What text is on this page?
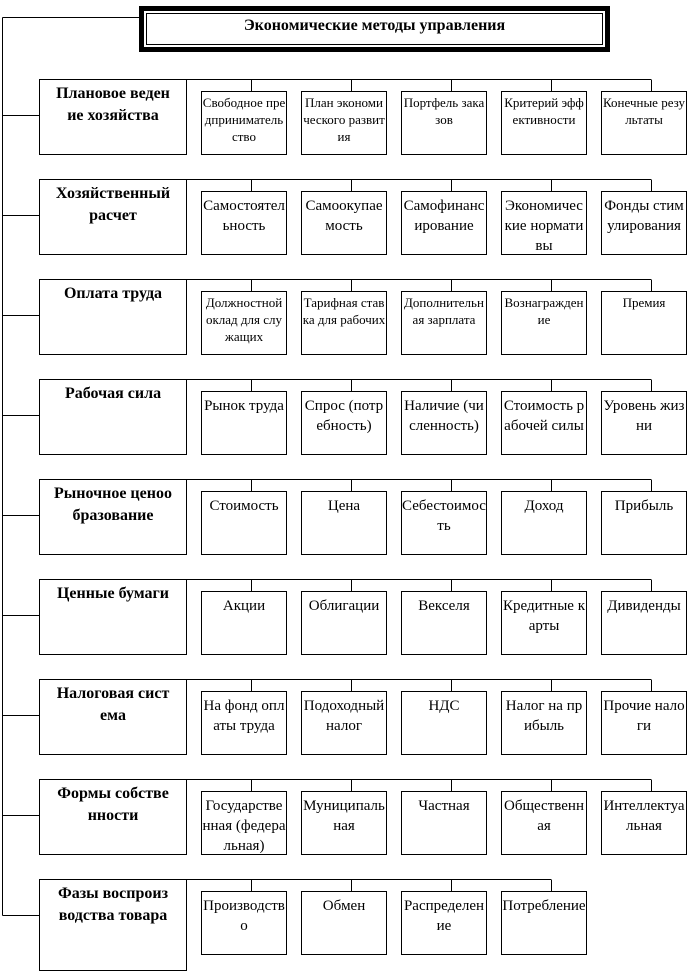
Экономические методы управления
Плановое ведение хозяйства
Свободное предпринимательство
План экономического развития
Портфель заказов
Критерий эффективности
Конечные результаты
Хозяйственный расчет
Самостоятельность
Самоокупаемость
Самофинансирование
Экономические нормативы
Фонды стимулирования
Оплата труда
Должностной оклад для служащих
Тарифная ставка для рабочих
Дополнительная зарплата
Вознаграждение
Премия
Рабочая сила
Рынок труда Спрос (потребность)
Наличие (численность)
Стоимость рабочей силы
Уровень жизни
Рыночное ценообразование
Стоимость	Цена	Себестоимость
Доход	Прибыль
Ценные бумаги
Акции	Облигации	Векселя	Кредитные карты
Дивиденды
Налоговая система
На фонд оплаты труда
Подоходный налог
НДС	Налог на прибыль
Прочие налоги
Формы собственности
Государственная (федеральная)
Муниципальная
Частная	Общественная
Интеллектуальная
Фазы воспроизводства товара
Производство
Обмен	Распределение
Потребление
